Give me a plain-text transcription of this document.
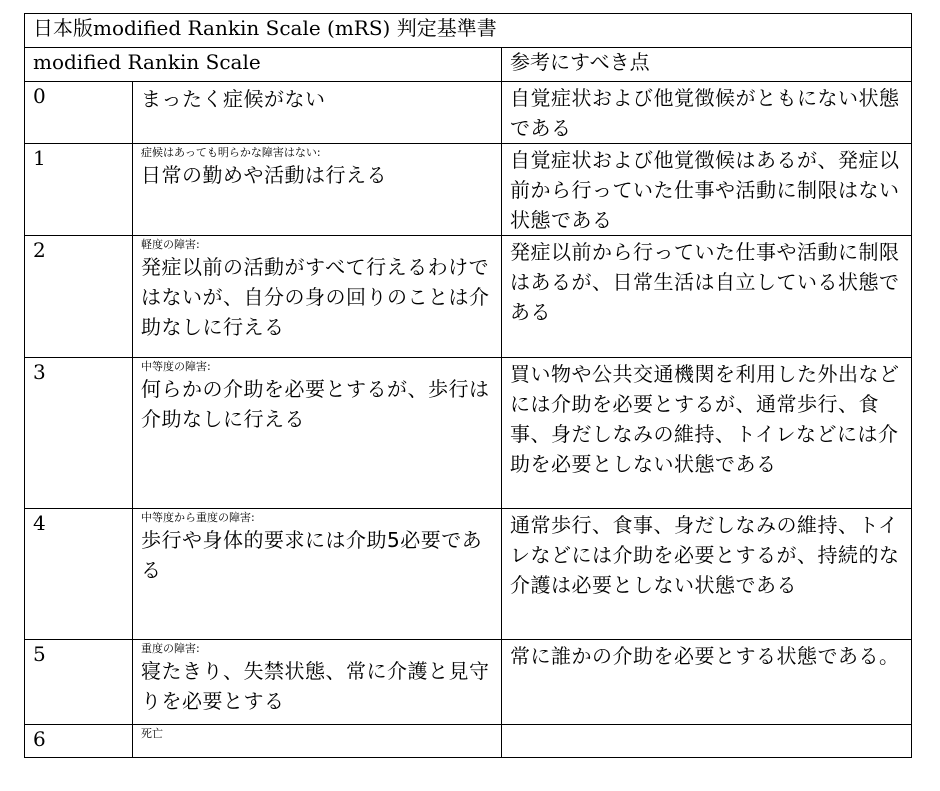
日本版modified Rankin Scale (mRS) 判定基準書		
modified Rankin Scale		参考にすべき点

0	まったく症候がない	自覚症状および他覚徴候がともにない状態である

1	症候はあっても明らかな障害はない:
日常の勤めや活動は行える	自覚症状および他覚徴候はあるが、発症以前から行っていた仕事や活動に制限はない状態である

2	軽度の障害:
発症以前の活動がすべて行えるわけではないが、自分の身の回りのことは介助なしに行える	発症以前から行っていた仕事や活動に制限はあるが、日常生活は自立している状態である

3	中等度の障害:
何らかの介助を必要とするが、歩行は介助なしに行える	買い物や公共交通機関を利用した外出などには介助を必要とするが、通常歩行、食事、身だしなみの維持、トイレなどには介助を必要としない状態である

4	中等度から重度の障害:
歩行や身体的要求には介助5必要である	通常歩行、食事、身だしなみの維持、トイレなどには介助を必要とするが、持続的な介護は必要としない状態である

5	重度の障害:
寝たきり、失禁状態、常に介護と見守りを必要とする	常に誰かの介助を必要とする状態である。

6	死亡	
